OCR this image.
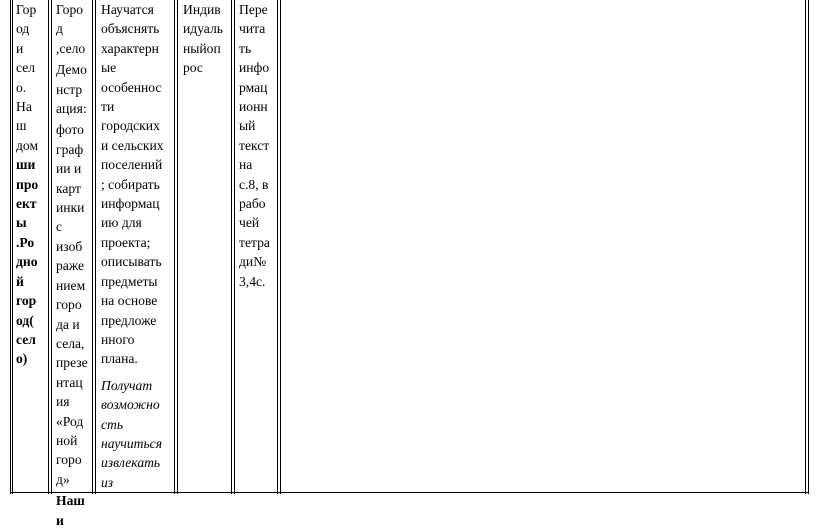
Гор
од
и
сел
о.
На
ш
дом
ши
про
ект
ы
.Ро
дно
й
гор
од(
сел
о)

Горо
д
,село

Демо
нстр
ация:

фото
граф
ии и
карт
инки
с
изоб
раже
нием
горо
да и
села,
презе
нтац
ия
«Род
ной
горо
д»

Наш
и

Научатся
объяснять
характерн
ые
особеннос
ти
городских
и сельских
поселений
; собирать
информац
ию для
проекта;
описывать
предметы
на основе
предложе
нного
плана.

Получат
возможно
сть
научиться
извлекать
из

Индив
идуаль
ныйоп
рос

Пере
чита
ть
инфо
рмац
ионн
ый
текст
на
с.8, в
рабо
чей
тетра
ди№
3,4с.
